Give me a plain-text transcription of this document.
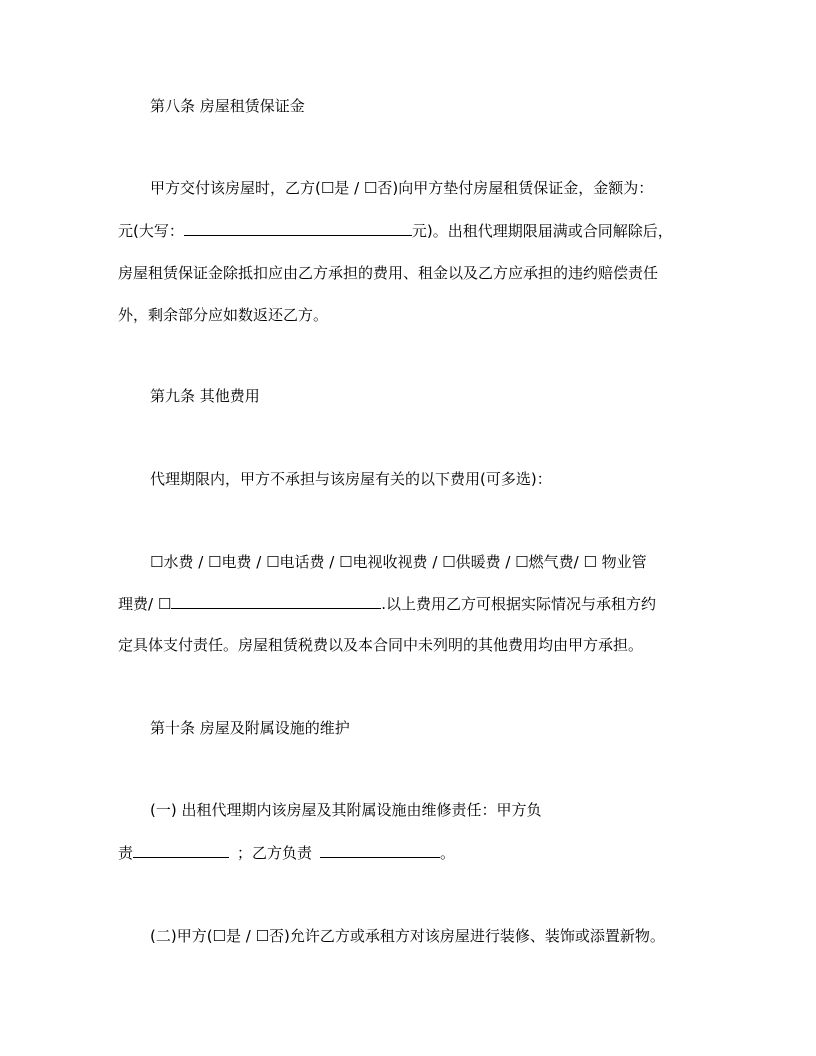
第八条 房屋租赁保证金
甲方交付该房屋时，乙方(☐是 / ☐否)向甲方垫付房屋租赁保证金，金额为：
元(大写：	元)。出租代理期限届满或合同解除后，
房屋租赁保证金除抵扣应由乙方承担的费用、租金以及乙方应承担的违约赔偿责任
外，剩余部分应如数返还乙方。
第九条 其他费用
代理期限内，甲方不承担与该房屋有关的以下费用(可多选)：
☐水费 / ☐电费 / ☐电话费 / ☐电视收视费 / ☐供暖费 / ☐燃气费/ ☐ 物业管
理费/ ☐	.以上费用乙方可根据实际情况与承租方约
定具体支付责任。房屋租赁税费以及本合同中未列明的其他费用均由甲方承担。
第十条 房屋及附属设施的维护
(一) 出租代理期内该房屋及其附属设施由维修责任：甲方负
责	；乙方负责	。
(二)甲方(☐是 / ☐否)允许乙方或承租方对该房屋进行装修、装饰或添置新物。
